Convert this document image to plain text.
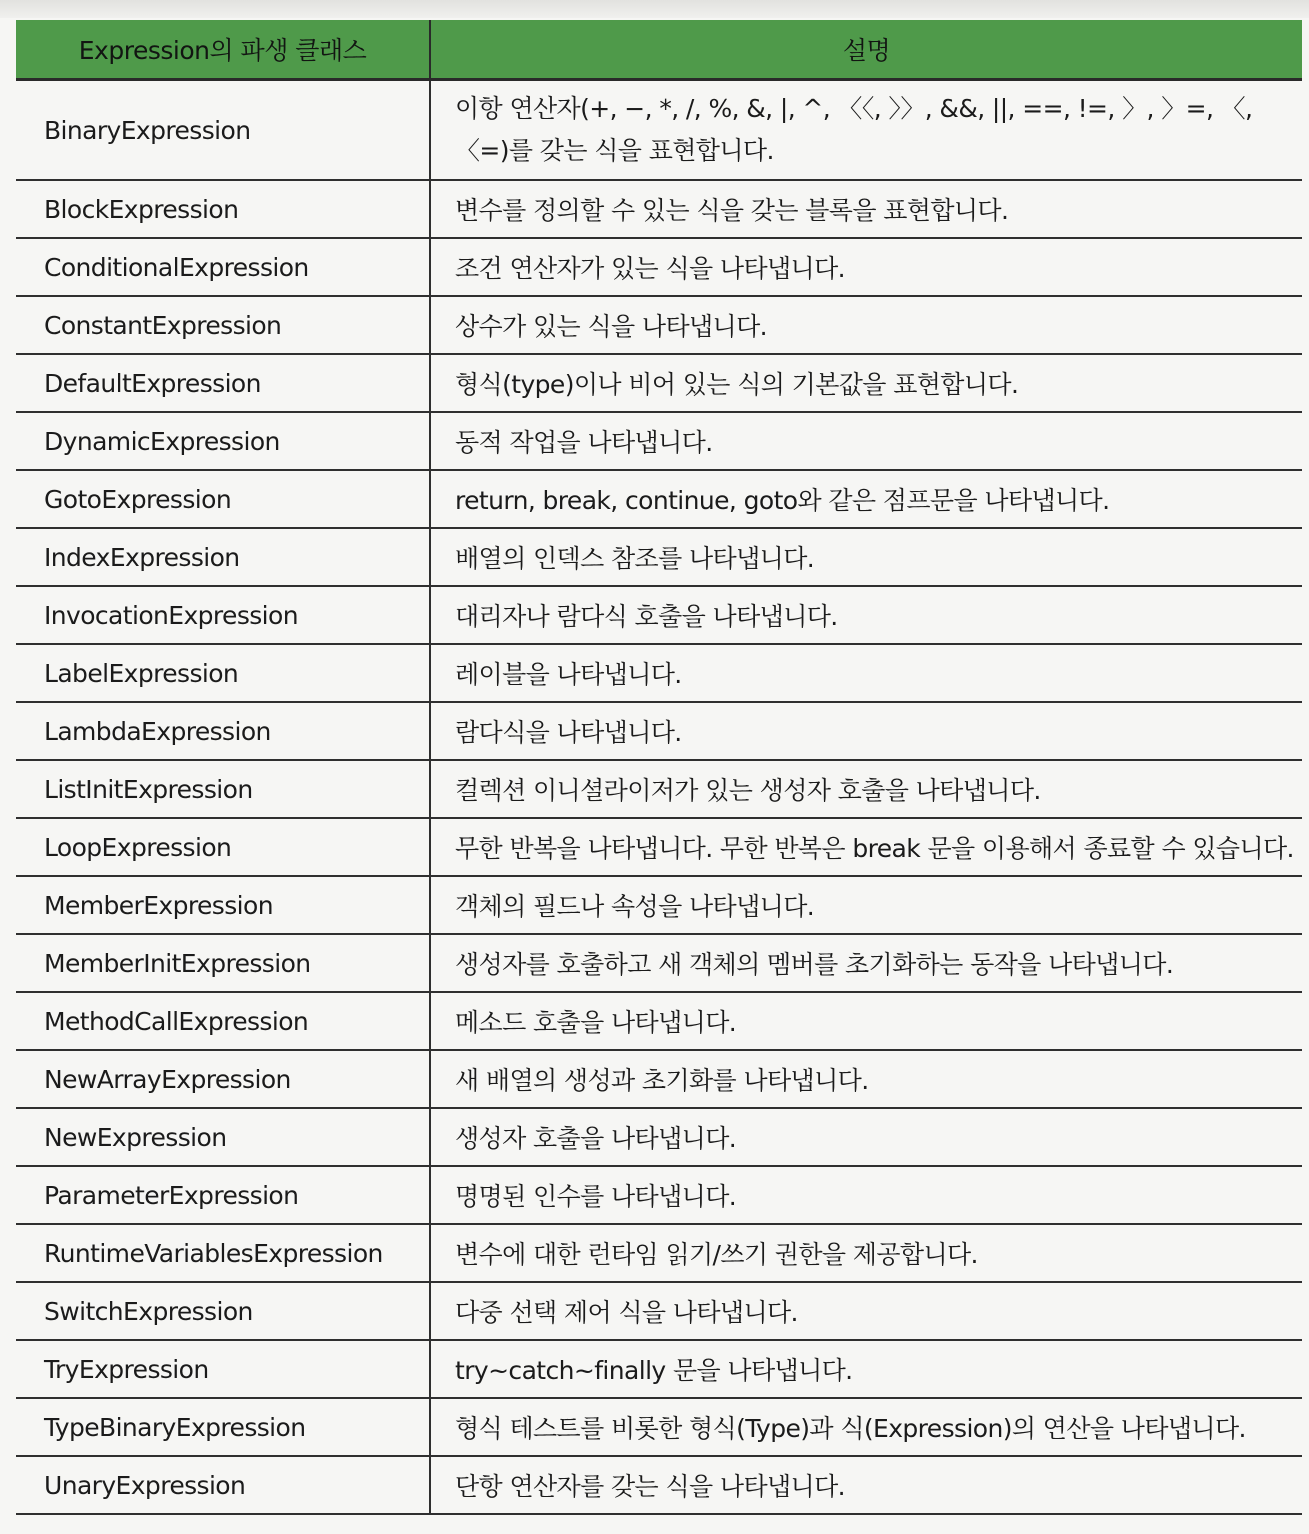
Expression의 파생 클래스	설명
BinaryExpression	이항 연산자(+, −, *, /, %, &, |, ^, 〈〈, 〉〉, &&, ||, ==, !=, 〉, 〉=, 〈, 〈=)를 갖는 식을 표현합니다.
BlockExpression	변수를 정의할 수 있는 식을 갖는 블록을 표현합니다.
ConditionalExpression	조건 연산자가 있는 식을 나타냅니다.
ConstantExpression	상수가 있는 식을 나타냅니다.
DefaultExpression	형식(type)이나 비어 있는 식의 기본값을 표현합니다.
DynamicExpression	동적 작업을 나타냅니다.
GotoExpression	return, break, continue, goto와 같은 점프문을 나타냅니다.
IndexExpression	배열의 인덱스 참조를 나타냅니다.
InvocationExpression	대리자나 람다식 호출을 나타냅니다.
LabelExpression	레이블을 나타냅니다.
LambdaExpression	람다식을 나타냅니다.
ListInitExpression	컬렉션 이니셜라이저가 있는 생성자 호출을 나타냅니다.
LoopExpression	무한 반복을 나타냅니다. 무한 반복은 break 문을 이용해서 종료할 수 있습니다.
MemberExpression	객체의 필드나 속성을 나타냅니다.
MemberInitExpression	생성자를 호출하고 새 객체의 멤버를 초기화하는 동작을 나타냅니다.
MethodCallExpression	메소드 호출을 나타냅니다.
NewArrayExpression	새 배열의 생성과 초기화를 나타냅니다.
NewExpression	생성자 호출을 나타냅니다.
ParameterExpression	명명된 인수를 나타냅니다.
RuntimeVariablesExpression	변수에 대한 런타임 읽기/쓰기 권한을 제공합니다.
SwitchExpression	다중 선택 제어 식을 나타냅니다.
TryExpression	try~catch~finally 문을 나타냅니다.
TypeBinaryExpression	형식 테스트를 비롯한 형식(Type)과 식(Expression)의 연산을 나타냅니다.
UnaryExpression	단항 연산자를 갖는 식을 나타냅니다.
